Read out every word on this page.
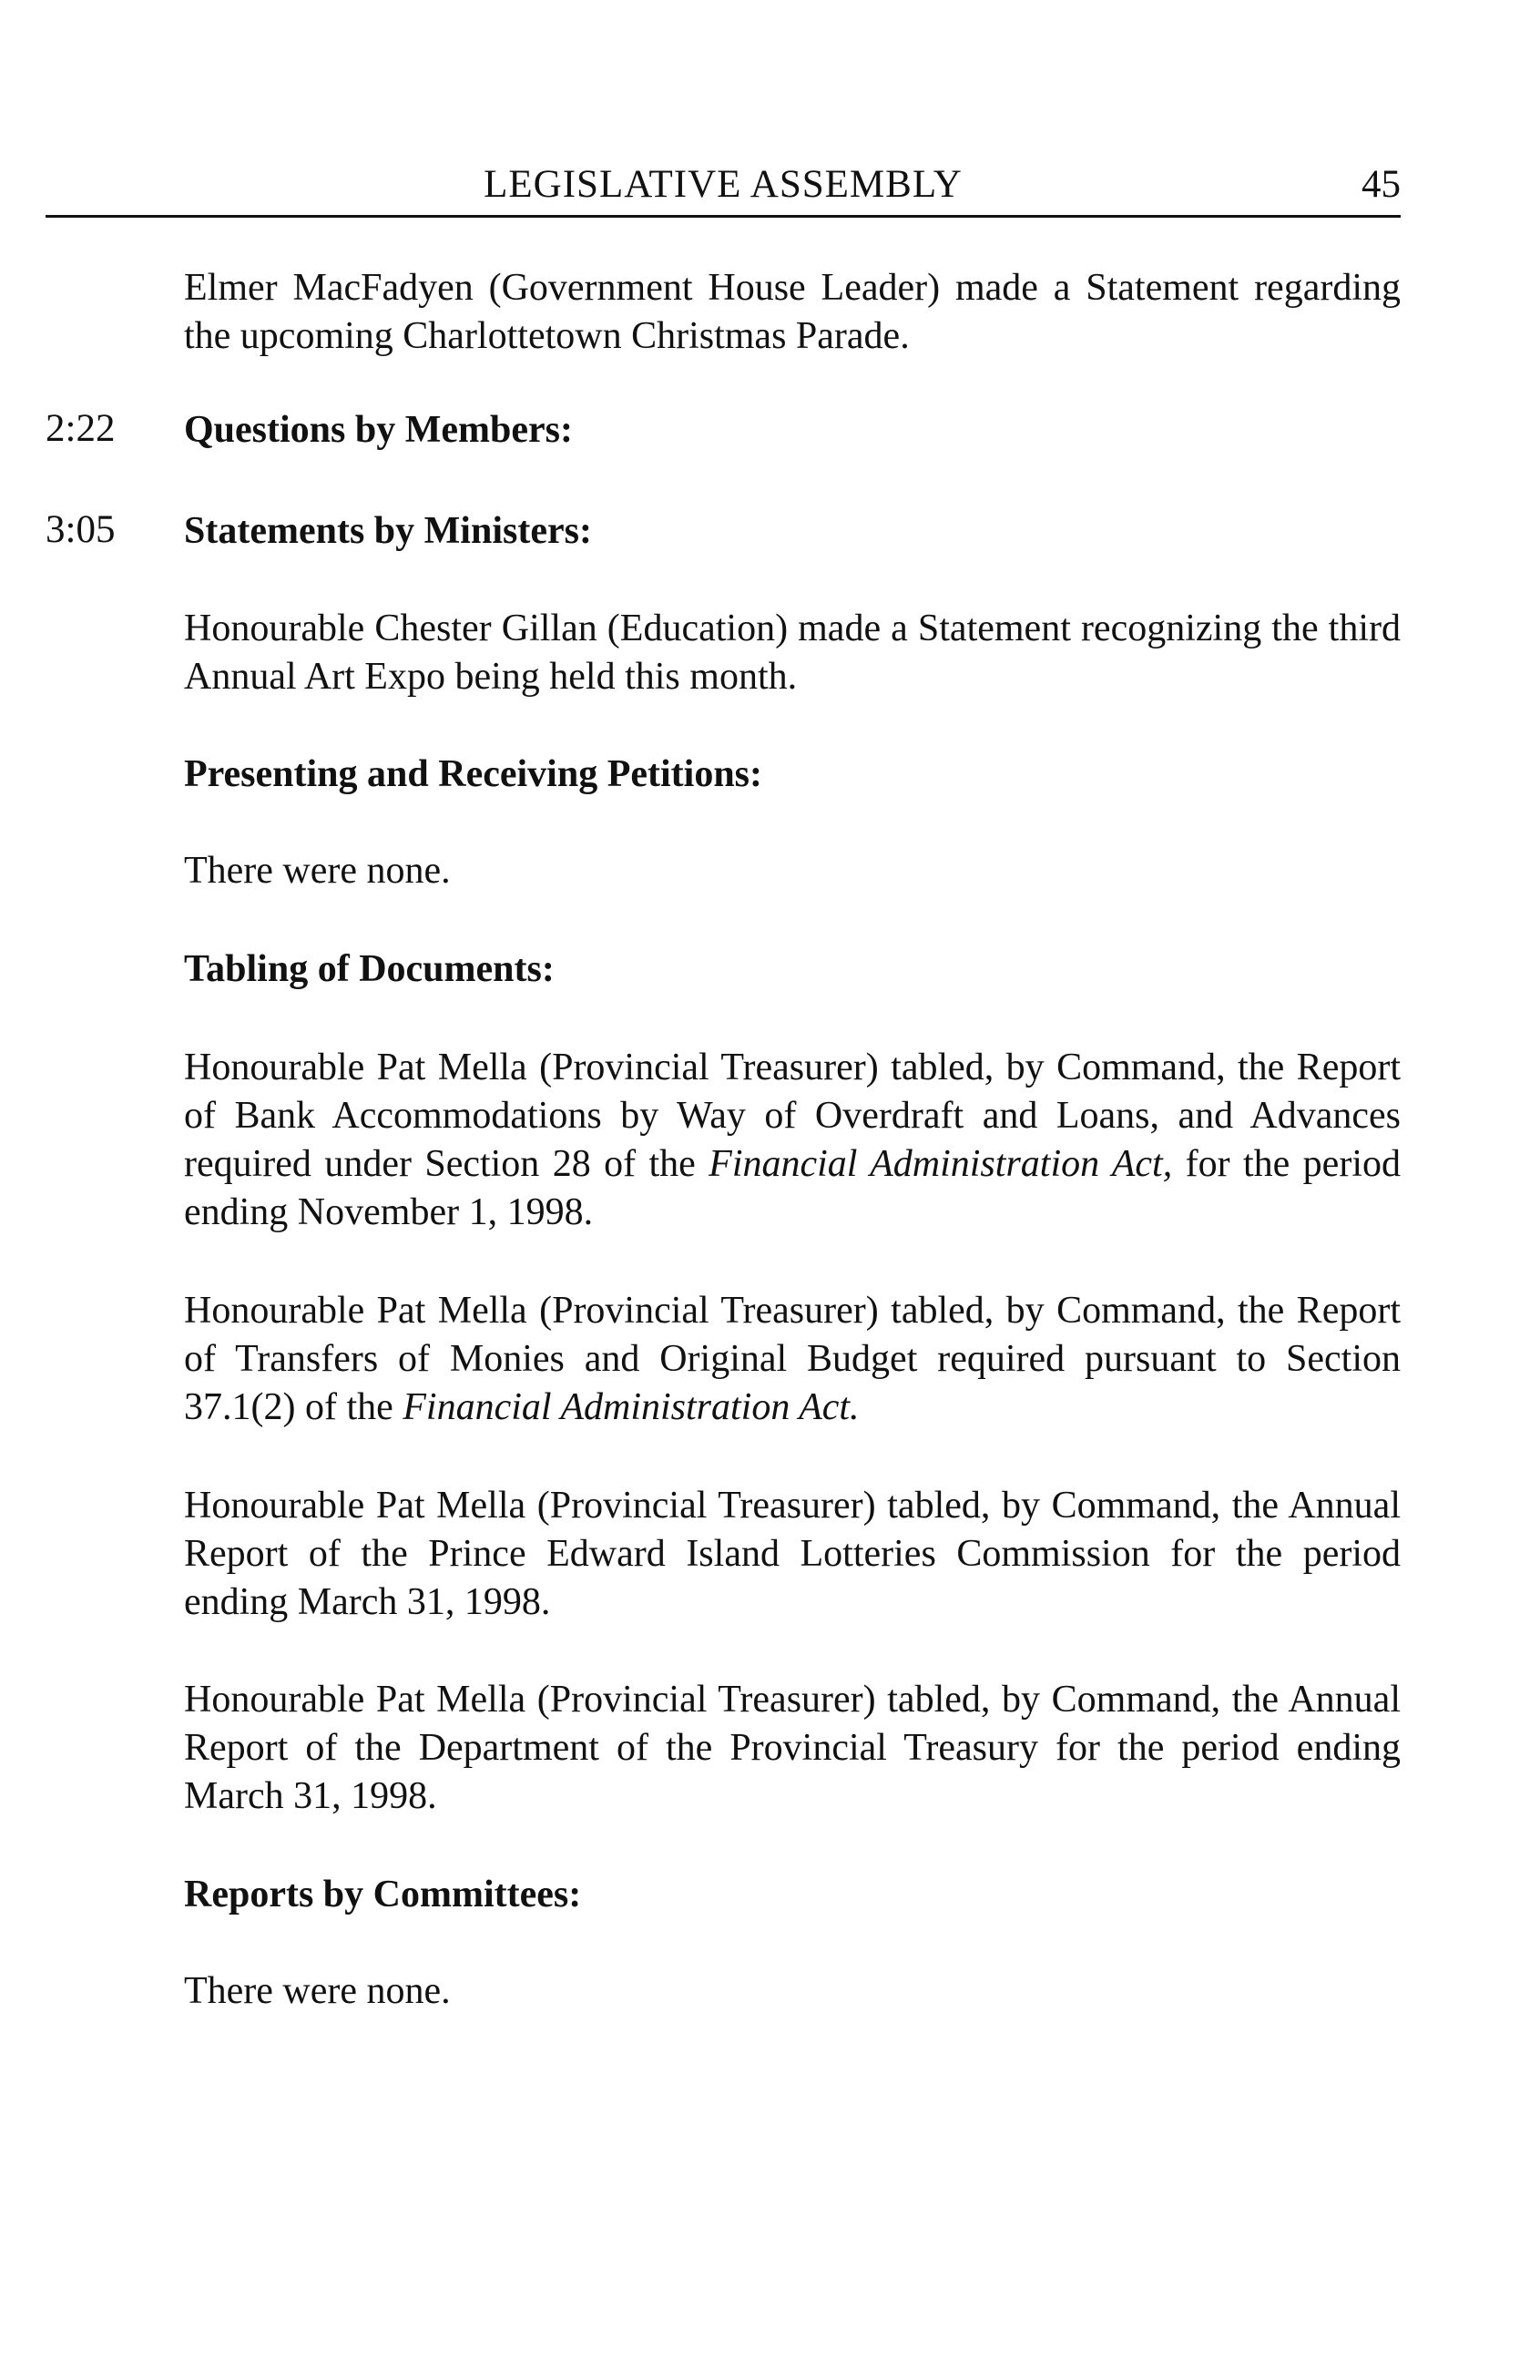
LEGISLATIVE ASSEMBLY	45
Elmer MacFadyen (Government House Leader) made a Statement regarding the upcoming Charlottetown Christmas Parade.
2:22 Questions by Members:
3:05 Statements by Ministers:
Honourable Chester Gillan (Education) made a Statement recognizing the third Annual Art Expo being held this month.
Presenting and Receiving Petitions:
There were none.
Tabling of Documents:
Honourable Pat Mella (Provincial Treasurer) tabled, by Command, the Report of Bank Accommodations by Way of Overdraft and Loans, and Advances required under Section 28 of the Financial Administration Act, for the period ending November 1, 1998.
Honourable Pat Mella (Provincial Treasurer) tabled, by Command, the Report of Transfers of Monies and Original Budget required pursuant to Section 37.1(2) of the Financial Administration Act.
Honourable Pat Mella (Provincial Treasurer) tabled, by Command, the Annual Report of the Prince Edward Island Lotteries Commission for the period ending March 31, 1998.
Honourable Pat Mella (Provincial Treasurer) tabled, by Command, the Annual Report of the Department of the Provincial Treasury for the period ending March 31, 1998.
Reports by Committees:
There were none.
